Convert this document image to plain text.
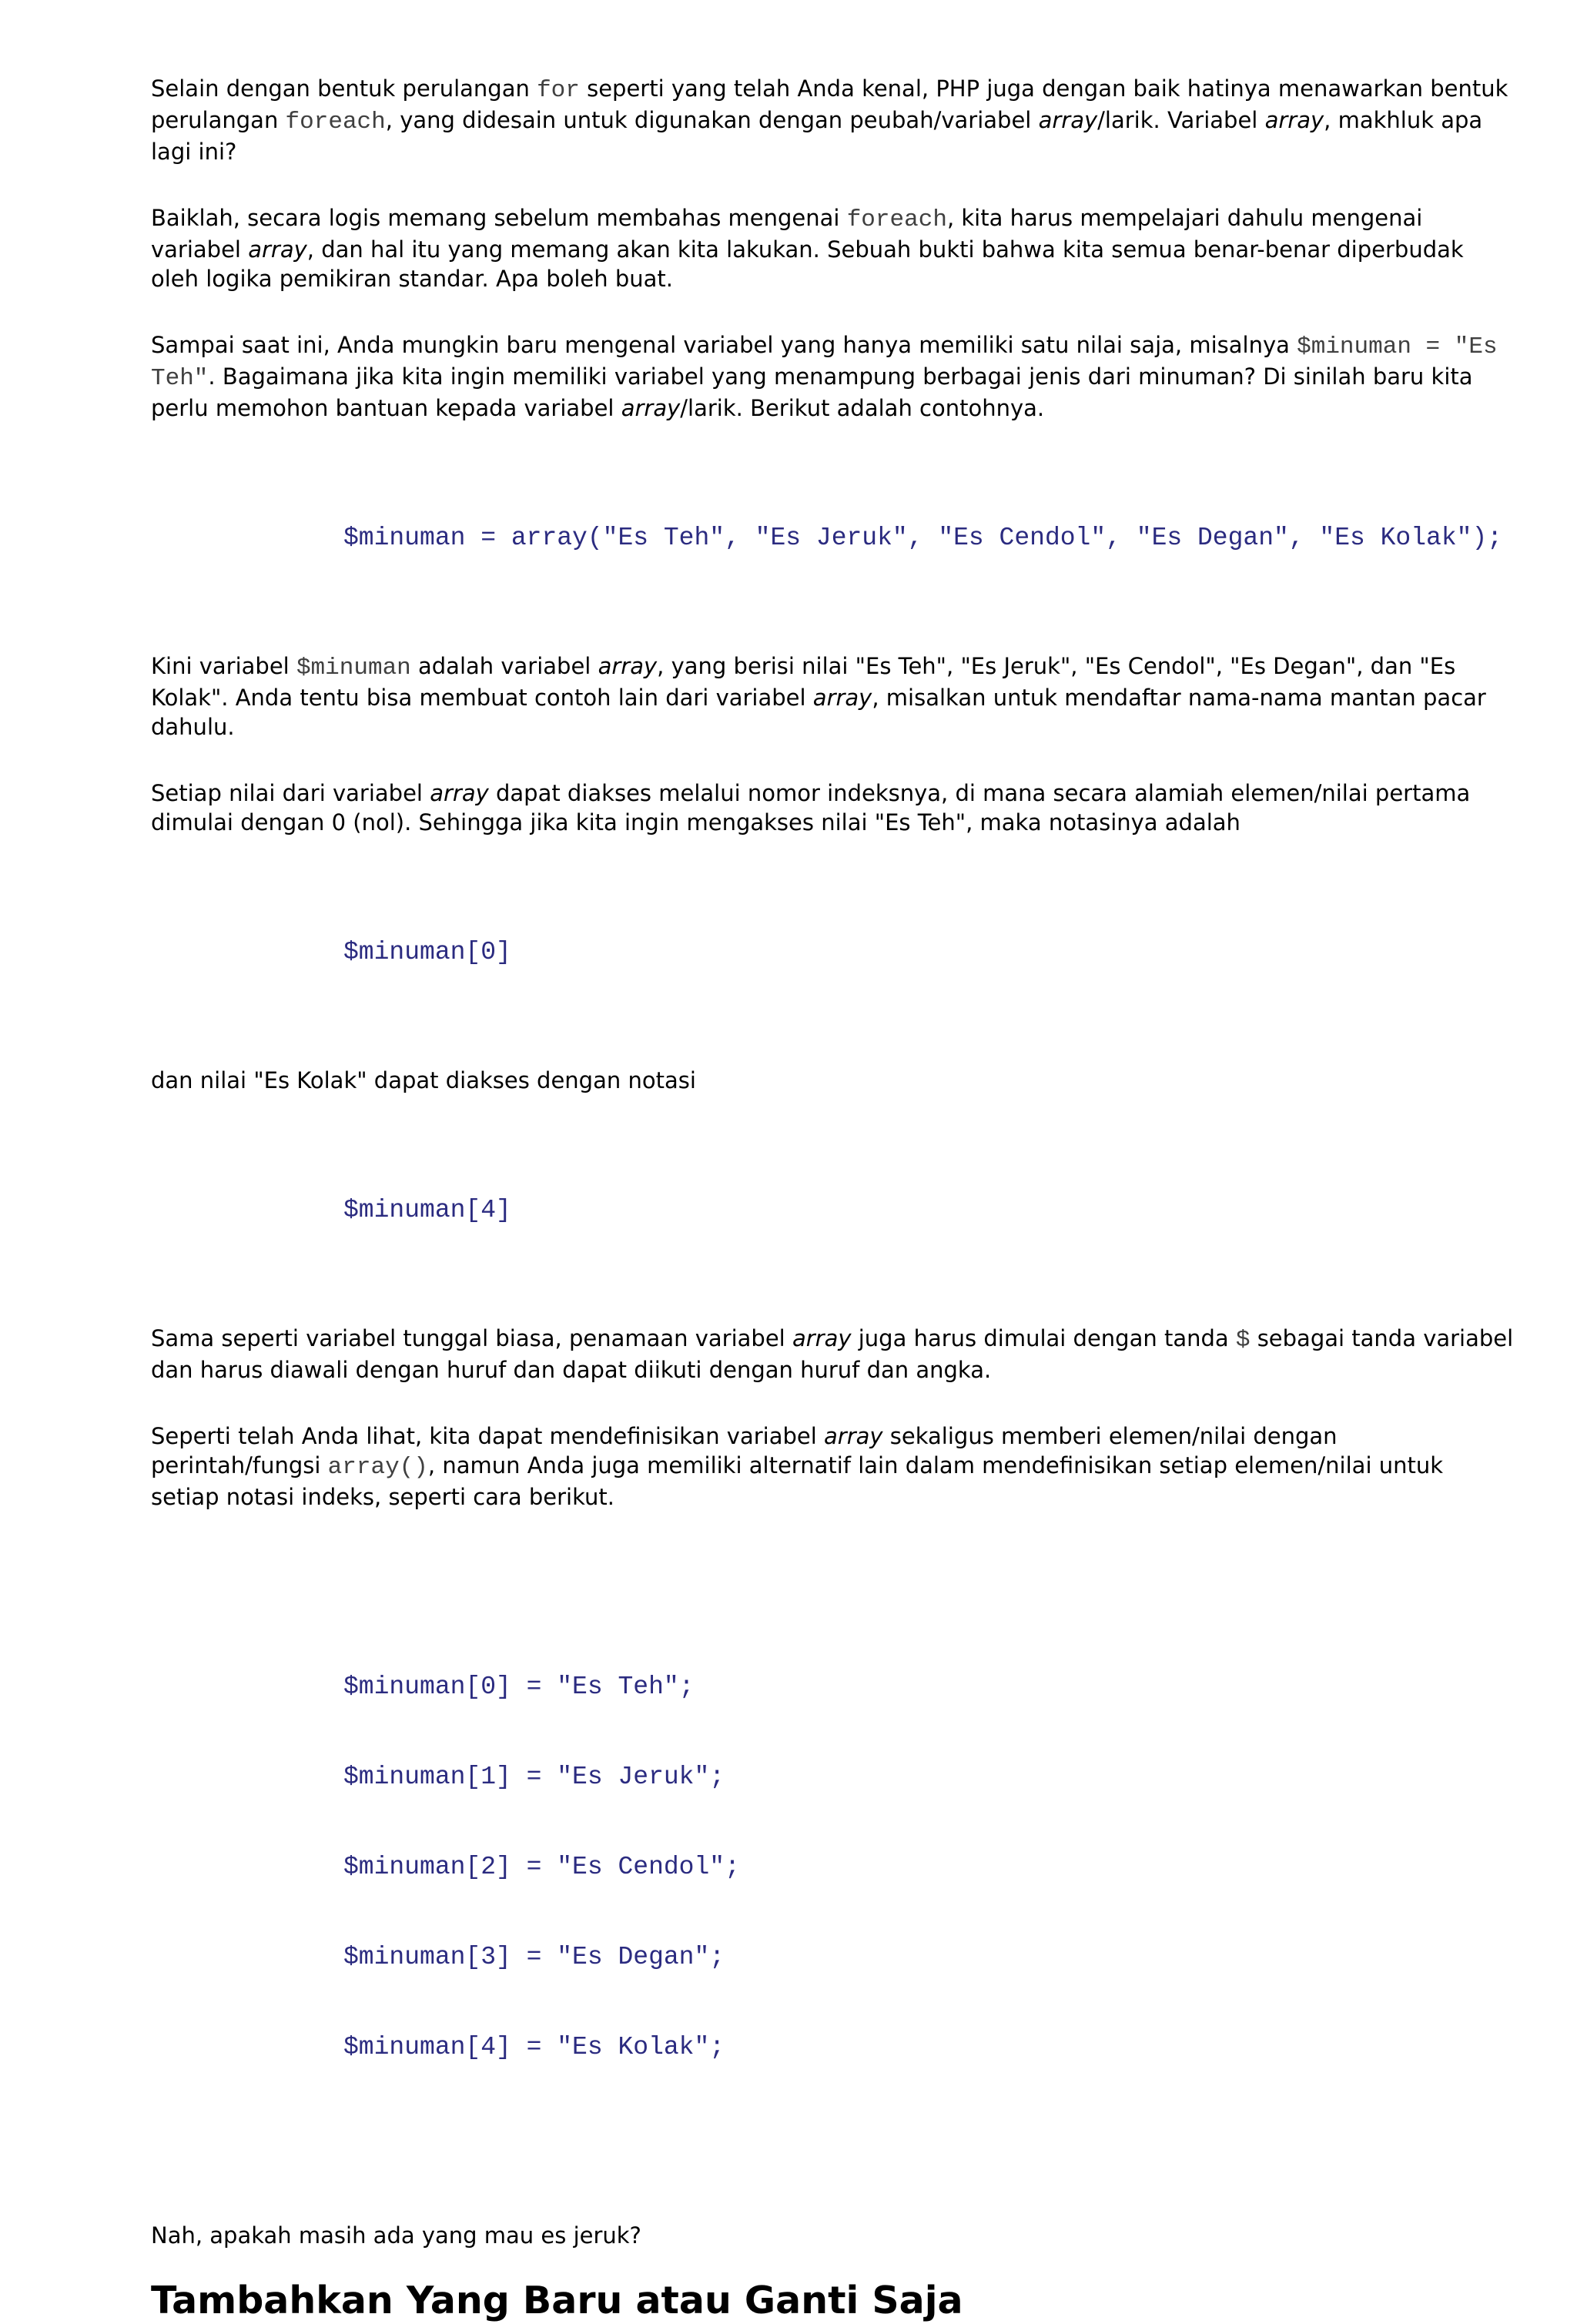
Selain dengan bentuk perulangan for seperti yang telah Anda kenal, PHP juga dengan baik hatinya menawarkan bentuk perulangan foreach, yang didesain untuk digunakan dengan peubah/variabel array/larik. Variabel array, makhluk apa lagi ini?

Baiklah, secara logis memang sebelum membahas mengenai foreach, kita harus mempelajari dahulu mengenai variabel array, dan hal itu yang memang akan kita lakukan. Sebuah bukti bahwa kita semua benar-benar diperbudak oleh logika pemikiran standar. Apa boleh buat.

Sampai saat ini, Anda mungkin baru mengenal variabel yang hanya memiliki satu nilai saja, misalnya $minuman = "Es Teh". Bagaimana jika kita ingin memiliki variabel yang menampung berbagai jenis dari minuman? Di sinilah baru kita perlu memohon bantuan kepada variabel array/larik. Berikut adalah contohnya.

$minuman = array("Es Teh", "Es Jeruk", "Es Cendol", "Es Degan", "Es Kolak");

Kini variabel $minuman adalah variabel array, yang berisi nilai "Es Teh", "Es Jeruk", "Es Cendol", "Es Degan", dan "Es Kolak". Anda tentu bisa membuat contoh lain dari variabel array, misalkan untuk mendaftar nama-nama mantan pacar dahulu.

Setiap nilai dari variabel array dapat diakses melalui nomor indeksnya, di mana secara alamiah elemen/nilai pertama dimulai dengan 0 (nol). Sehingga jika kita ingin mengakses nilai "Es Teh", maka notasinya adalah

$minuman[0]

dan nilai "Es Kolak" dapat diakses dengan notasi

$minuman[4]

Sama seperti variabel tunggal biasa, penamaan variabel array juga harus dimulai dengan tanda $ sebagai tanda variabel dan harus diawali dengan huruf dan dapat diikuti dengan huruf dan angka.

Seperti telah Anda lihat, kita dapat mendefinisikan variabel array sekaligus memberi elemen/nilai dengan perintah/fungsi array(), namun Anda juga memiliki alternatif lain dalam mendefinisikan setiap elemen/nilai untuk setiap notasi indeks, seperti cara berikut.

$minuman[0] = "Es Teh";

$minuman[1] = "Es Jeruk";

$minuman[2] = "Es Cendol";

$minuman[3] = "Es Degan";

$minuman[4] = "Es Kolak";

Nah, apakah masih ada yang mau es jeruk?

Tambahkan Yang Baru atau Ganti Saja
